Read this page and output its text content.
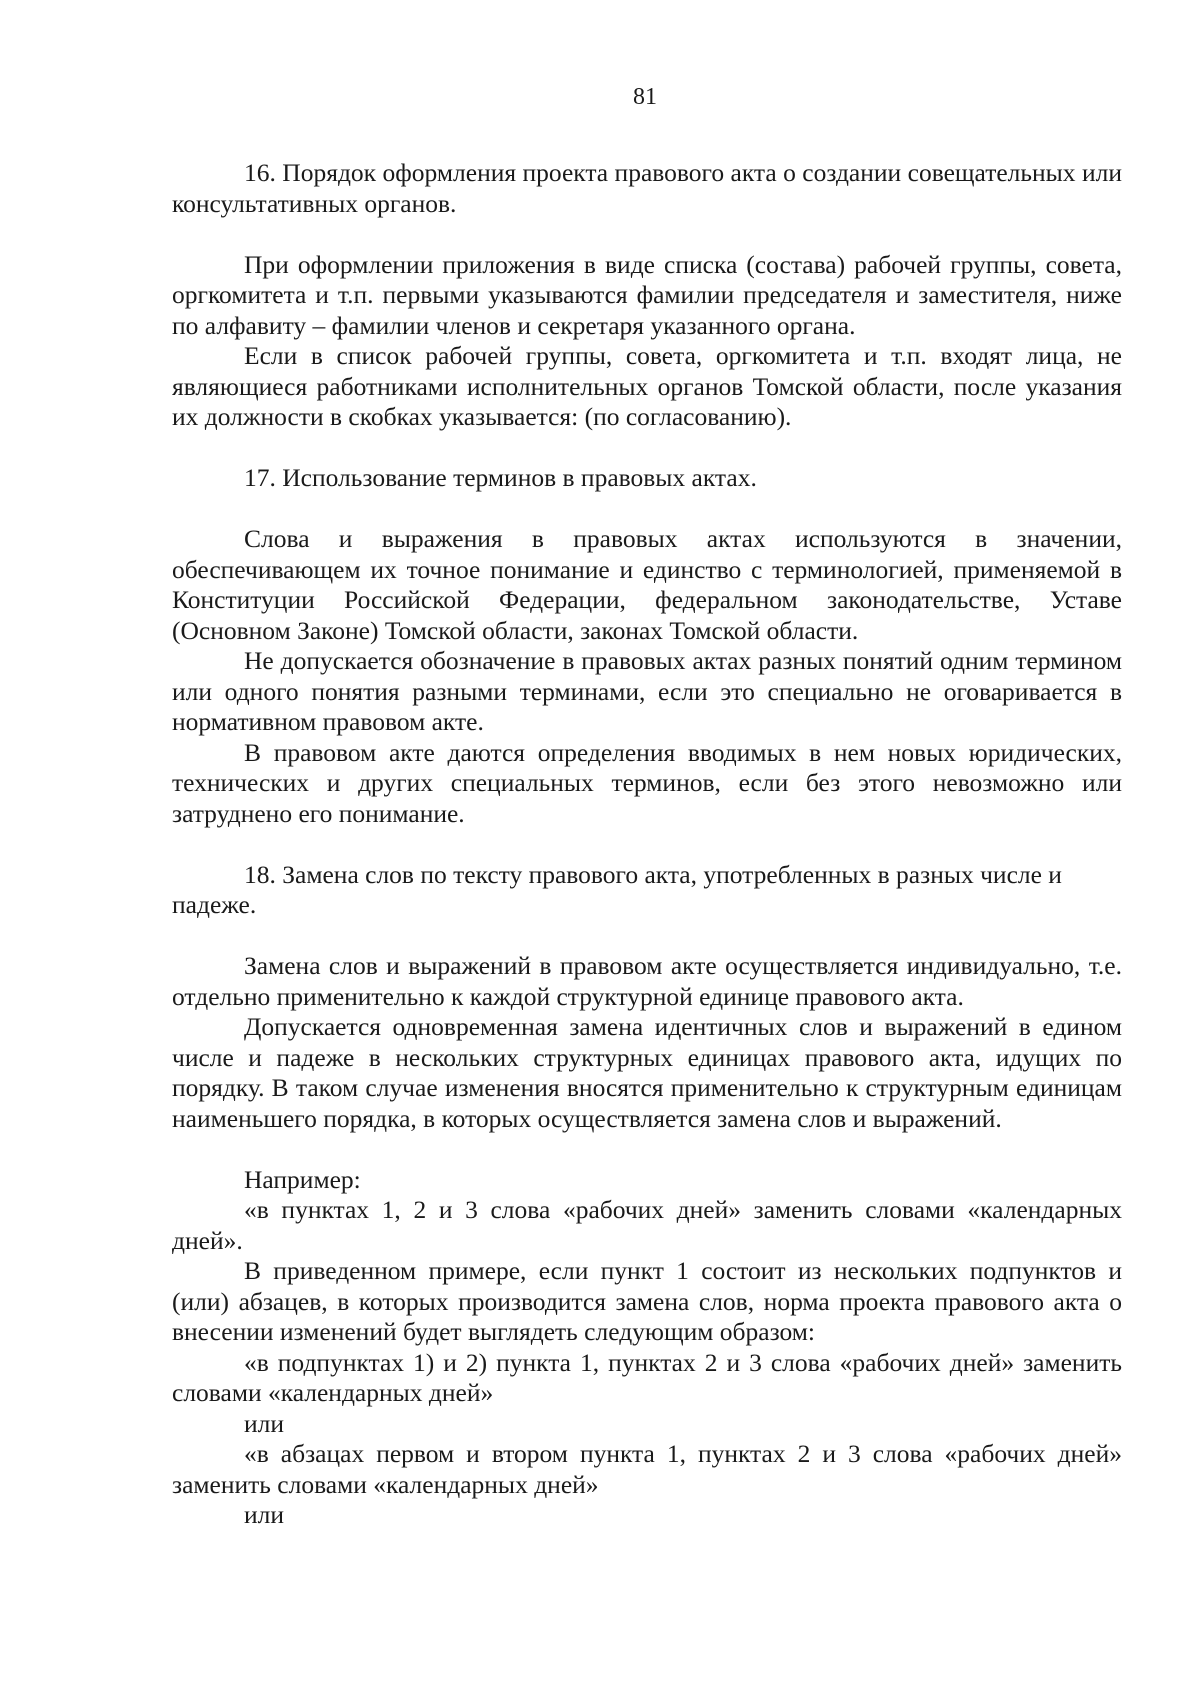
81

16. Порядок оформления проекта правового акта о создании совещательных или консультативных органов.

При оформлении приложения в виде списка (состава) рабочей группы, совета, оргкомитета и т.п. первыми указываются фамилии председателя и заместителя, ниже по алфавиту – фамилии членов и секретаря указанного органа.

Если в список рабочей группы, совета, оргкомитета и т.п. входят лица, не являющиеся работниками исполнительных органов Томской области, после указания их должности в скобках указывается: (по согласованию).

17. Использование терминов в правовых актах.

Слова и выражения в правовых актах используются в значении, обеспечивающем их точное понимание и единство с терминологией, применяемой в Конституции Российской Федерации, федеральном законодательстве, Уставе (Основном Законе) Томской области, законах Томской области.

Не допускается обозначение в правовых актах разных понятий одним термином или одного понятия разными терминами, если это специально не оговаривается в нормативном правовом акте.

В правовом акте даются определения вводимых в нем новых юридических, технических и других специальных терминов, если без этого невозможно или затруднено его понимание.

18. Замена слов по тексту правового акта, употребленных в разных числе и падеже.

Замена слов и выражений в правовом акте осуществляется индивидуально, т.е. отдельно применительно к каждой структурной единице правового акта.

Допускается одновременная замена идентичных слов и выражений в едином числе и падеже в нескольких структурных единицах правового акта, идущих по порядку. В таком случае изменения вносятся применительно к структурным единицам наименьшего порядка, в которых осуществляется замена слов и выражений.

Например:

«в пунктах 1, 2 и 3 слова «рабочих дней» заменить словами «календарных дней».

В приведенном примере, если пункт 1 состоит из нескольких подпунктов и (или) абзацев, в которых производится замена слов, норма проекта правового акта о внесении изменений будет выглядеть следующим образом:

«в подпунктах 1) и 2) пункта 1, пунктах 2 и 3 слова «рабочих дней» заменить словами «календарных дней»

или

«в абзацах первом и втором пункта 1, пунктах 2 и 3 слова «рабочих дней» заменить словами «календарных дней»

или
